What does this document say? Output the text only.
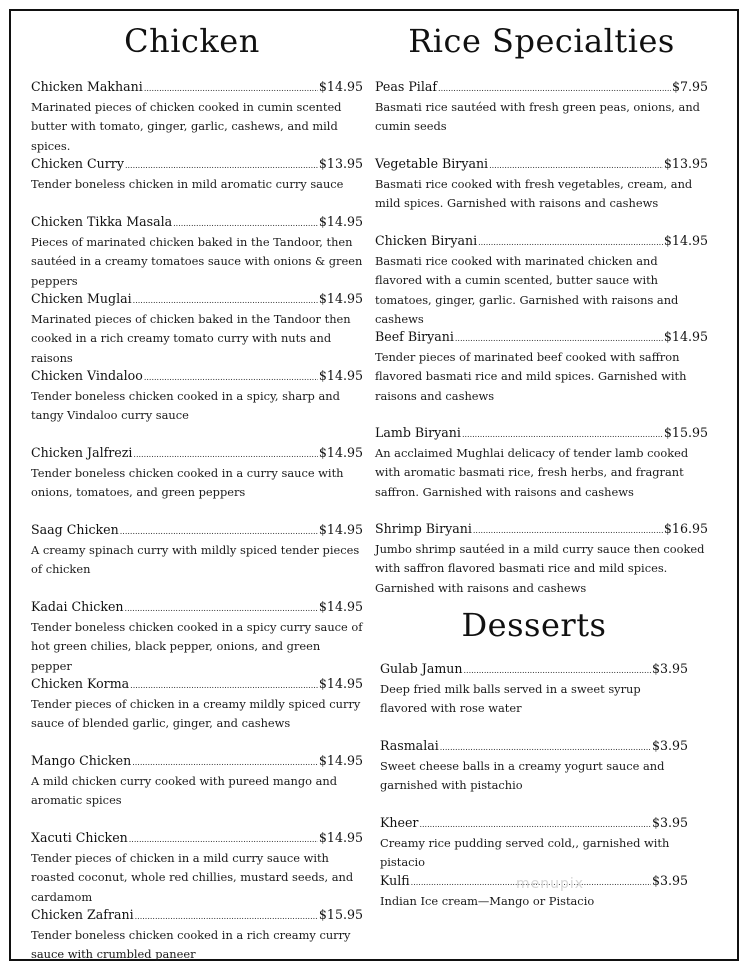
Chicken
Chicken Makhani .....	$14.95
Marinated pieces of chicken cooked in cumin scented butter with tomato, ginger, garlic, cashews, and mild spices.
Chicken Curry .....	$13.95
Tender boneless chicken in mild aromatic curry sauce
Chicken Tikka Masala .....	$14.95
Pieces of marinated chicken baked in the Tandoor, then sautéed in a creamy tomatoes sauce with onions & green peppers
Chicken Muglai .....	$14.95
Marinated pieces of chicken baked in the Tandoor then cooked in a rich creamy tomato curry with nuts and raisons
Chicken Vindaloo .....	$14.95
Tender boneless chicken cooked in a spicy, sharp and tangy Vindaloo curry sauce
Chicken Jalfrezi .....	$14.95
Tender boneless chicken cooked in a curry sauce with onions, tomatoes, and green peppers
Saag Chicken .....	$14.95
A creamy spinach curry with mildly spiced tender pieces of chicken
Kadai Chicken .....	$14.95
Tender boneless chicken cooked in a spicy curry sauce of hot green chilies, black pepper, onions, and green pepper
Chicken Korma .....	$14.95
Tender pieces of chicken in a creamy mildly spiced curry sauce of blended garlic, ginger, and cashews
Mango Chicken .....	$14.95
A mild chicken curry cooked with pureed mango and aromatic spices
Xacuti Chicken .....	$14.95
Tender pieces of chicken in a mild curry sauce with roasted coconut, whole red chillies, mustard seeds, and cardamom
Chicken Zafrani .....	$15.95
Tender boneless chicken cooked in a rich creamy curry sauce with crumbled paneer
Rice Specialties
Peas Pilaf .....	$7.95
Basmati rice sautéed with fresh green peas, onions, and cumin seeds
Vegetable Biryani .....	$13.95
Basmati rice cooked with fresh vegetables, cream, and mild spices. Garnished with raisons and cashews
Chicken Biryani .....	$14.95
Basmati rice cooked with marinated chicken and flavored with a cumin scented, butter sauce with tomatoes, ginger, garlic. Garnished with raisons and cashews
Beef Biryani .....	$14.95
Tender pieces of marinated beef cooked with saffron flavored basmati rice and mild spices. Garnished with raisons and cashews
Lamb Biryani .....	$15.95
An acclaimed Mughlai delicacy of tender lamb cooked with aromatic basmati rice, fresh herbs, and fragrant saffron. Garnished with raisons and cashews
Shrimp Biryani .....	$16.95
Jumbo shrimp sautéed in a mild curry sauce then cooked with saffron flavored basmati rice and mild spices. Garnished with raisons and cashews
Desserts
Gulab Jamun .....	$3.95
Deep fried milk balls served in a sweet syrup flavored with rose water
Rasmalai .....	$3.95
Sweet cheese balls in a creamy yogurt sauce and garnished with pistachio
Kheer .....	$3.95
Creamy rice pudding served cold,, garnished with pistacio
Kulfi .....	$3.95
Indian Ice cream—Mango or Pistacio
menupix
